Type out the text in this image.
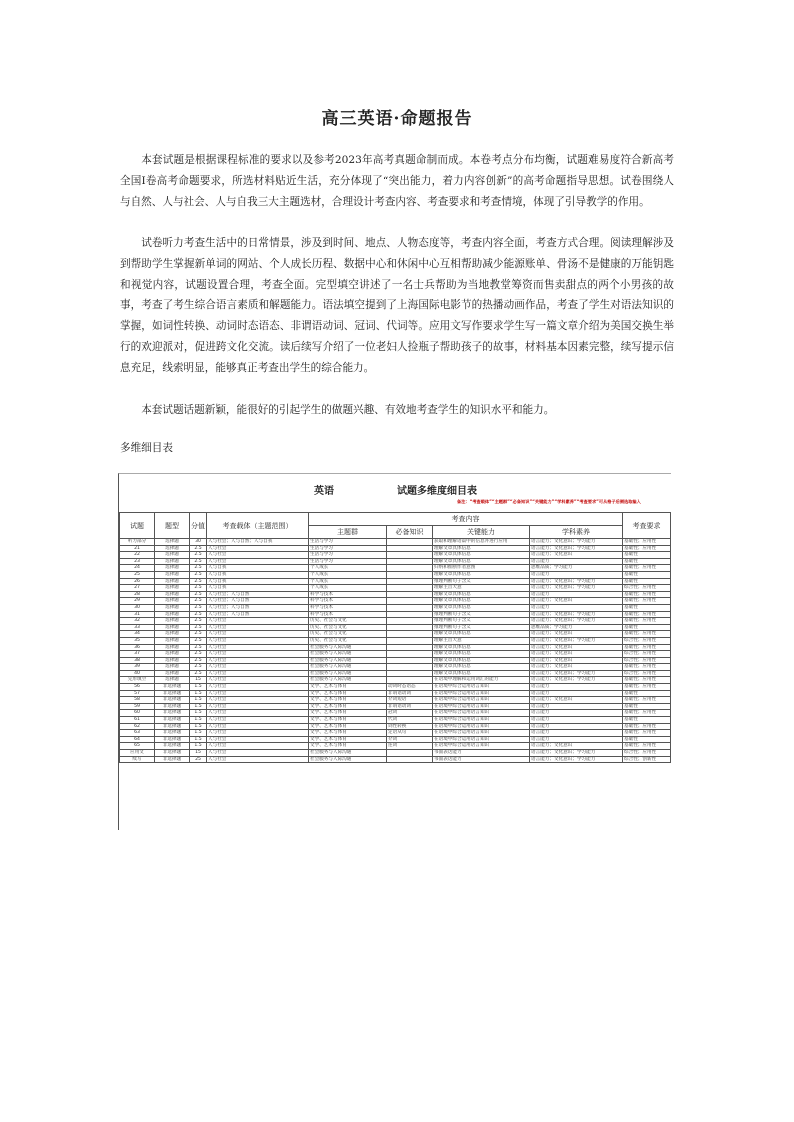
高三英语·命题报告

本套试题是根据课程标准的要求以及参考2023年高考真题命制而成。本卷考点分布均衡，试题难易度符合新高考全国Ⅰ卷高考命题要求，所选材料贴近生活，充分体现了“突出能力，着力内容创新”的高考命题指导思想。试卷围绕人与自然、人与社会、人与自我三大主题选材，合理设计考查内容、考查要求和考查情境，体现了引导教学的作用。

试卷听力考查生活中的日常情景，涉及到时间、地点、人物态度等，考查内容全面，考查方式合理。阅读理解涉及到帮助学生掌握新单词的网站、个人成长历程、数据中心和休闲中心互相帮助减少能源账单、骨汤不是健康的万能钥匙和视觉内容，试题设置合理，考查全面。完型填空讲述了一名士兵帮助为当地教堂筹资而售卖甜点的两个小男孩的故事，考查了考生综合语言素质和解题能力。语法填空提到了上海国际电影节的热播动画作品，考查了学生对语法知识的掌握，如词性转换、动词时态语态、非谓语动词、冠词、代词等。应用文写作要求学生写一篇文章介绍为美国交换生举行的欢迎派对，促进跨文化交流。读后续写介绍了一位老妇人捡瓶子帮助孩子的故事，材料基本因素完整，续写提示信息充足，线索明显，能够真正考查出学生的综合能力。

本套试题话题新颖，能很好的引起学生的做题兴趣、有效地考查学生的知识水平和能力。

多维细目表
英语	试题多维度细目表
备注：“考查载体”“主题群”“必备知识”“关键能力”“学科素养”“考查要求”可从格子后侧选取输入
试题	题型	分值	考查载体（主题范围）	考查内容				考查要求
				主题群	必备知识	关键能力	学科素养	
听力部分	选择题	30	人与社会；人与自然；人与自我	生活与学习		获取和理解语篇中的信息并进行应用	语言能力；文化意识；学习能力	基础性；应用性
21	选择题	2.5	人与社会	生活与学习		理解文章具体信息	语言能力；文化意识；学习能力	基础性；应用性
22	选择题	2.5	人与社会	生活与学习		理解文章具体信息	语言能力；文化意识	基础性
23	选择题	2.5	人与社会	生活与学习		理解文章具体信息	语言能力	基础性
24	选择题	2.5	人与自我	个人成长		归纳和推断作者意图	思维品质；学习能力	基础性；应用性
25	选择题	2.5	人与自我	个人成长		理解文章具体信息	语言能力	基础性
26	选择题	2.5	人与自我	个人成长		推理判断句子含义	语言能力；文化意识；学习能力	基础性
27	选择题	2.5	人与自我	个人成长		理解主旨大意	语言能力；文化意识；学习能力	综合性；应用性
28	选择题	2.5	人与社会；人与自然	科学与技术		理解文章具体信息	语言能力	基础性；应用性
29	选择题	2.5	人与社会；人与自然	科学与技术		理解文章具体信息	语言能力；文化意识	基础性；应用性
30	选择题	2.5	人与社会；人与自然	科学与技术		理解文章具体信息	语言能力	基础性
31	选择题	2.5	人与社会；人与自然	科学与技术		推理判断句子含义	语言能力；文化意识；学习能力	基础性；应用性
32	选择题	2.5	人与社会	历史、社会与文化		推理判断句子含义	语言能力；文化意识；学习能力	基础性；应用性
33	选择题	2.5	人与社会	历史、社会与文化		推理判断句子含义	思维品质；学习能力	基础性
34	选择题	2.5	人与社会	历史、社会与文化		理解文章具体信息	语言能力；文化意识	基础性；应用性
35	选择题	2.5	人与社会	历史、社会与文化		理解主旨大意	语言能力；文化意识；学习能力	综合性；应用性
36	选择题	2.5	人与社会	社会服务与人际沟通		理解文章具体信息	语言能力；文化意识	基础性；应用性
37	选择题	2.5	人与社会	社会服务与人际沟通		理解文章具体信息	语言能力；文化意识	综合性；应用性
38	选择题	2.5	人与社会	社会服务与人际沟通		理解文章具体信息	语言能力；文化意识	综合性；应用性
39	选择题	2.5	人与社会	社会服务与人际沟通		理解文章具体信息	语言能力；文化意识	基础性；应用性
40	选择题	2.5	人与社会	社会服务与人际沟通		理解文章具体信息	语言能力；文化意识；学习能力	综合性；应用性
完形填空	选择题	15	人与社会	社会服务与人际沟通		在语境中理解和运用词汇的能力	语言能力；文化意识；学习能力	基础性；应用性
56	非选择题	1.5	人与社会	文学、艺术与体育	动词时态语态	在语境中综合运用语言知识	语言能力	基础性；应用性
57	非选择题	1.5	人与社会	文学、艺术与体育	非谓语动词	在语境中综合运用语言知识	语言能力	基础性
58	非选择题	1.5	人与社会	文学、艺术与体育	介词短语	在语境中综合运用语言知识	语言能力；文化意识	基础性；应用性
59	非选择题	1.5	人与社会	文学、艺术与体育	非谓语动词	在语境中综合运用语言知识	语言能力	基础性
60	非选择题	1.5	人与社会	文学、艺术与体育	冠词	在语境中综合运用语言知识	语言能力	基础性；应用性
61	非选择题	1.5	人与社会	文学、艺术与体育	代词	在语境中综合运用语言知识	语言能力	基础性
62	非选择题	1.5	人与社会	文学、艺术与体育	词性转换	在语境中综合运用语言知识	语言能力	基础性；应用性
63	非选择题	1.5	人与社会	文学、艺术与体育	定语从句	在语境中综合运用语言知识	语言能力	基础性；应用性
64	非选择题	1.5	人与社会	文学、艺术与体育	介词	在语境中综合运用语言知识	语言能力	基础性
65	非选择题	1.5	人与社会	文学、艺术与体育	连词	在语境中综合运用语言知识	语言能力；文化意识	基础性；应用性
应用文	非选择题	15	人与社会	社会服务与人际沟通		书面表达能力	语言能力；文化意识；学习能力	综合性；应用性
续写	非选择题	25	人与社会	社会服务与人际沟通		书面表达能力	语言能力；文化意识；学习能力	综合性；创新性
